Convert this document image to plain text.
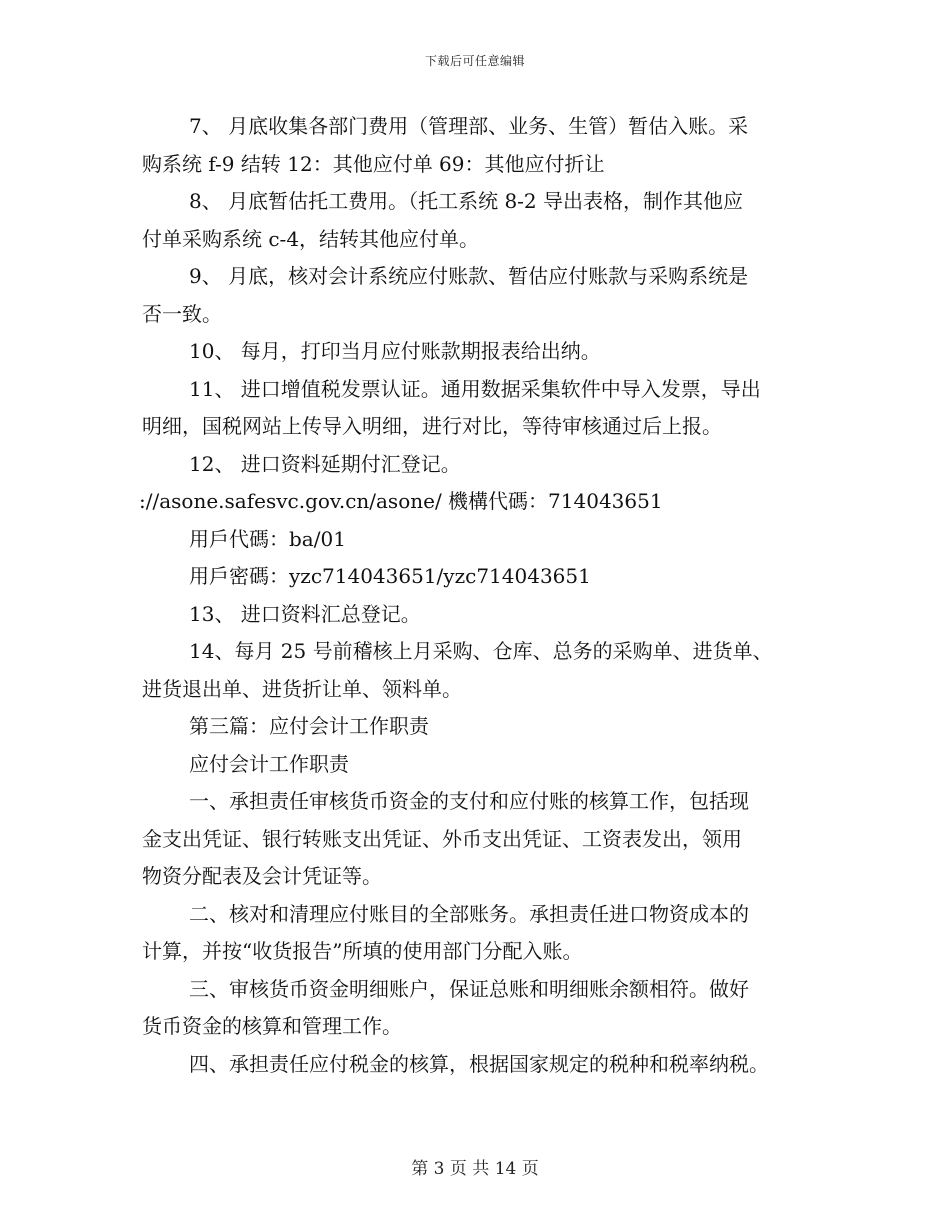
下载后可任意编辑
7、 月底收集各部门费用（管理部、业务、生管）暂估入账。采
购系统 f-9 结转 12：其他应付单 69：其他应付折让
8、 月底暂估托工费用。（托工系统 8-2 导出表格，制作其他应
付单采购系统 c-4，结转其他应付单。
9、 月底，核对会计系统应付账款、暂估应付账款与采购系统是
否一致。
10、 每月，打印当月应付账款期报表给出纳。
11、 进口增值税发票认证。通用数据采集软件中导入发票，导出
明细，国税网站上传导入明细，进行对比，等待审核通过后上报。
12、 进口资料延期付汇登记。
://asone.safesvc.gov.cn/asone/ 機構代碼：714043651
用戶代碼：ba/01
用戶密碼：yzc714043651/yzc714043651
13、 进口资料汇总登记。
14、每月 25 号前稽核上月采购、仓库、总务的采购单、进货单、
进货退出单、进货折让单、领料单。
第三篇：应付会计工作职责
应付会计工作职责
一、承担责任审核货币资金的支付和应付账的核算工作，包括现
金支出凭证、银行转账支出凭证、外币支出凭证、工资表发出，领用
物资分配表及会计凭证等。
二、核对和清理应付账目的全部账务。承担责任进口物资成本的
计算，并按“收货报告”所填的使用部门分配入账。
三、审核货币资金明细账户，保证总账和明细账余额相符。做好
货币资金的核算和管理工作。
四、承担责任应付税金的核算，根据国家规定的税种和税率纳税。
第 3 页 共 14 页
